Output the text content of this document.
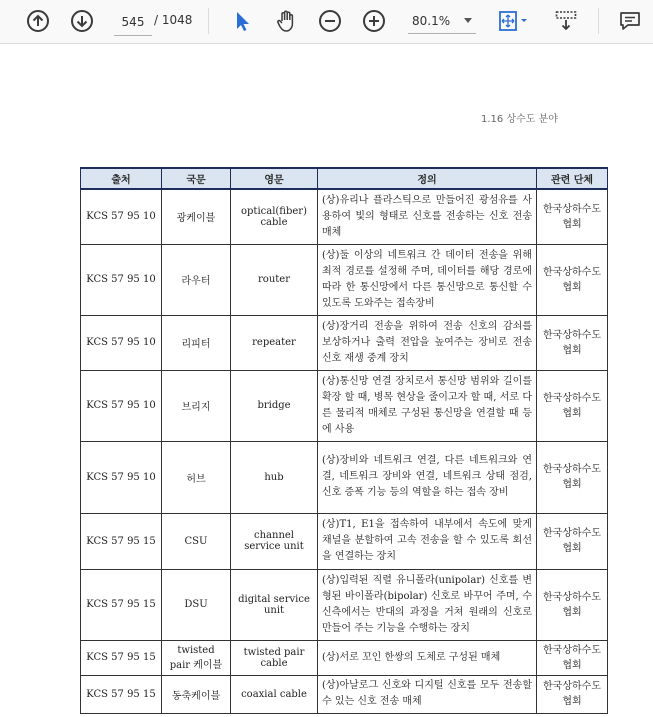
545
/ 1048	80.1%
1.16 상수도 분야
출처	국문	영문	정의	관련 단체
KCS 57 95 10	광케이블	optical(fiber) cable	(상)유리나 플라스틱으로 만들어진 광섬유를 사용하여 빛의 형태로 신호를 전송하는 신호 전송 매체	한국상하수도협회
KCS 57 95 10	라우터	router	(상)둘 이상의 네트워크 간 데이터 전송을 위해 최적 경로를 설정해 주며, 데이터를 해당 경로에 따라 한 통신망에서 다른 통신망으로 통신할 수 있도록 도와주는 접속장비	한국상하수도협회
KCS 57 95 10	리피터	repeater	(상)장거리 전송을 위하여 전송 신호의 감쇠를 보상하거나 출력 전압을 높여주는 장비로 전송 신호 재생 중계 장치	한국상하수도협회
KCS 57 95 10	브리지	bridge	(상)통신망 연결 장치로서 통신망 범위와 길이를 확장 할 때, 병목 현상을 줄이고자 할 때, 서로 다른 물리적 매체로 구성된 통신망을 연결할 때 등에 사용	한국상하수도협회
KCS 57 95 10	허브	hub	(상)장비와 네트워크 연결, 다른 네트워크와 연결, 네트워크 장비와 연결, 네트워크 상태 점검, 신호 증폭 기능 등의 역할을 하는 접속 장비	한국상하수도협회
KCS 57 95 15	CSU	channel service unit	(상)T1, E1을 접속하여 내부에서 속도에 맞게 채널을 분할하여 고속 전송을 할 수 있도록 회선을 연결하는 장치	한국상하수도협회
KCS 57 95 15	DSU	digital service unit	(상)입력된 직렬 유니폴라(unipolar) 신호를 변형된 바이폴라(bipolar) 신호로 바꾸어 주며, 수신측에서는 반대의 과정을 거쳐 원래의 신호로 만들어 주는 기능을 수행하는 장치	한국상하수도협회
KCS 57 95 15	twisted pair 케이블	twisted pair cable	(상)서로 꼬인 한쌍의 도체로 구성된 매체	한국상하수도협회
KCS 57 95 15	동축케이블	coaxial cable	(상)아날로그 신호와 디지털 신호를 모두 전송할 수 있는 신호 전송 매체	한국상하수도협회
